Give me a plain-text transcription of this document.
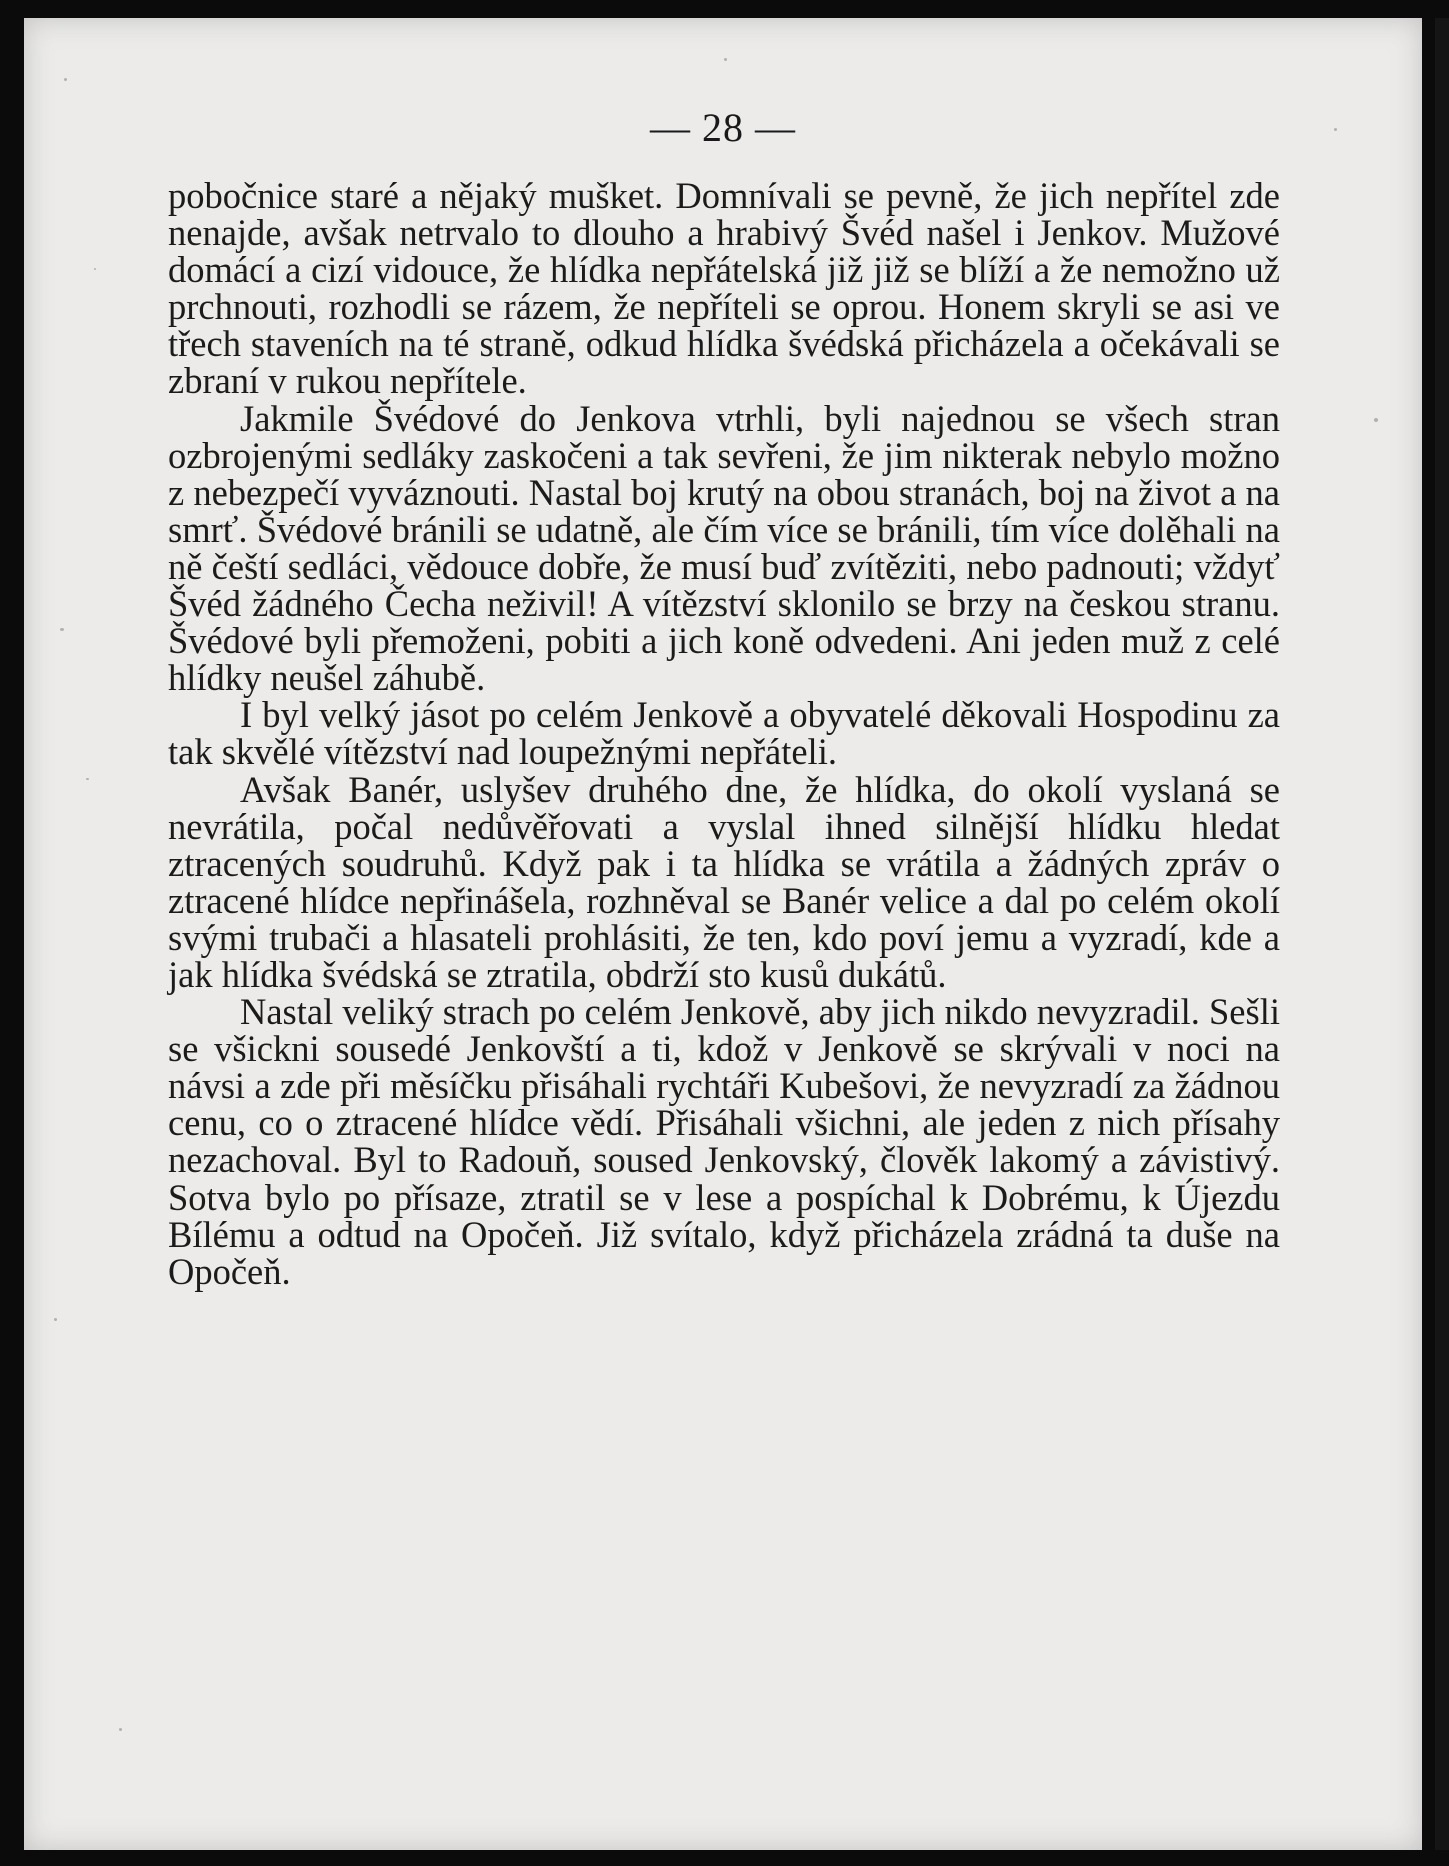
— 28 —

pobočnice staré a nějaký mušket. Domnívali se pevně, že jich nepřítel zde nenajde, avšak netrvalo to dlouho a hrabivý Švéd našel i Jenkov. Mužové domácí a cizí vidouce, že hlídka nepřátelská již již se blíží a že nemožno už prchnouti, rozhodli se rázem, že nepříteli se oprou. Honem skryli se asi ve třech staveních na té straně, odkud hlídka švédská přicházela a očekávali se zbraní v rukou nepřítele.

Jakmile Švédové do Jenkova vtrhli, byli najednou se všech stran ozbrojenými sedláky zaskočeni a tak sevřeni, že jim nikterak nebylo možno z nebezpečí vyváznouti. Nastal boj krutý na obou stranách, boj na život a na smrť. Švédové bránili se udatně, ale čím více se bránili, tím více dolěhali na ně čeští sedláci, vědouce dobře, že musí buď zvítěziti, nebo padnouti; vždyť Švéd žádného Čecha neživil! A vítězství sklonilo se brzy na českou stranu. Švédové byli přemoženi, pobiti a jich koně odvedeni. Ani jeden muž z celé hlídky neušel záhubě.

I byl velký jásot po celém Jenkově a obyvatelé děkovali Hospodinu za tak skvělé vítězství nad loupežnými nepřáteli.

Avšak Banér, uslyšev druhého dne, že hlídka, do okolí vyslaná se nevrátila, počal nedůvěřovati a vyslal ihned silnější hlídku hledat ztracených soudruhů. Když pak i ta hlídka se vrátila a žádných zpráv o ztracené hlídce nepřinášela, rozhněval se Banér velice a dal po celém okolí svými trubači a hlasateli prohlásiti, že ten, kdo poví jemu a vyzradí, kde a jak hlídka švédská se ztratila, obdrží sto kusů dukátů.

Nastal veliký strach po celém Jenkově, aby jich nikdo nevyzradil. Sešli se všickni sousedé Jenkovští a ti, kdož v Jenkově se skrývali v noci na návsi a zde při měsíčku přisáhali rychtáři Kubešovi, že nevyzradí za žádnou cenu, co o ztracené hlídce vědí. Přisáhali všichni, ale jeden z nich přísahy nezachoval. Byl to Radouň, soused Jenkovský, člověk lakomý a závistivý. Sotva bylo po přísaze, ztratil se v lese a pospíchal k Dobrému, k Újezdu Bílému a odtud na Opočeň. Již svítalo, když přicházela zrádná ta duše na Opočeň.
